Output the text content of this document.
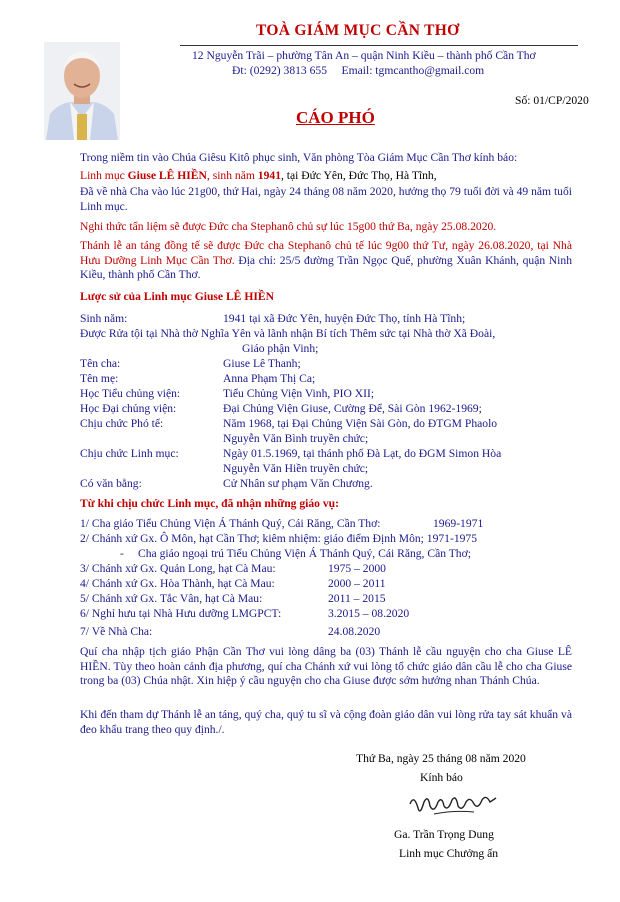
TOÀ GIÁM MỤC CẦN THƠ
12 Nguyễn Trãi – phường Tân An – quận Ninh Kiều – thành phố Cần Thơ
Đt: (0292) 3813 655 Email: tgmcantho@gmail.com
Số: 01/CP/2020
CÁO PHÓ
Trong niềm tin vào Chúa Giêsu Kitô phục sinh, Văn phòng Tòa Giám Mục Cần Thơ kính báo:
Linh mục Giuse LÊ HIỀN, sinh năm 1941, tại Đức Yên, Đức Thọ, Hà Tĩnh,
Đã về nhà Cha vào lúc 21g00, thứ Hai, ngày 24 tháng 08 năm 2020, hưởng thọ 79 tuổi đời và 49 năm tuổi Linh mục.
Nghi thức tẩn liệm sẽ được Đức cha Stephanô chủ sự lúc 15g00 thứ Ba, ngày 25.08.2020.
Thánh lễ an táng đồng tế sẽ được Đức cha Stephanô chủ tế lúc 9g00 thứ Tư, ngày 26.08.2020, tại Nhà Hưu Dưỡng Linh Mục Cần Thơ. Địa chỉ: 25/5 đường Trần Ngọc Quế, phường Xuân Khánh, quận Ninh Kiều, thành phố Cần Thơ.
Lược sử của Linh mục Giuse LÊ HIỀN
Sinh năm:	1941 tại xã Đức Yên, huyện Đức Thọ, tỉnh Hà Tĩnh;
Được Rửa tội tại Nhà thờ Nghĩa Yên và lãnh nhận Bí tích Thêm sức tại Nhà thờ Xã Đoài,
Giáo phận Vinh;
Tên cha:	Giuse Lê Thanh;
Tên mẹ:	Anna Phạm Thị Ca;
Học Tiểu chủng viện:	Tiểu Chủng Viện Vinh, PIO XII;
Học Đại chủng viện:	Đại Chủng Viện Giuse, Cường Để, Sài Gòn 1962-1969;
Chịu chức Phó tế:	Năm 1968, tại Đại Chủng Viện Sài Gòn, do ĐTGM Phaolo
Nguyễn Văn Bình truyền chức;
Chịu chức Linh mục:	Ngày 01.5.1969, tại thánh phố Đà Lạt, do ĐGM Simon Hòa
Nguyễn Văn Hiền truyền chức;
Có văn bằng:	Cử Nhân sư phạm Văn Chương.
Từ khi chịu chức Linh mục, đã nhận những giáo vụ:
1/ Cha giáo Tiểu Chủng Viện Á Thánh Quý, Cái Răng, Cần Thơ:	1969-1971
2/ Chánh xứ Gx. Ô Môn, hạt Cần Thơ; kiêm nhiệm: giáo điểm Định Môn; 1971-1975
- Cha giáo ngoại trú Tiểu Chủng Viện Á Thánh Quý, Cái Răng, Cần Thơ;
3/ Chánh xứ Gx. Quản Long, hạt Cà Mau:	1975 – 2000
4/ Chánh xứ Gx. Hòa Thành, hạt Cà Mau:	2000 – 2011
5/ Chánh xứ Gx. Tắc Vân, hạt Cà Mau:	2011 – 2015
6/ Nghỉ hưu tại Nhà Hưu dưỡng LMGPCT:	3.2015 – 08.2020
7/ Về Nhà Cha:	24.08.2020
Quí cha nhập tịch giáo Phận Cần Thơ vui lòng dâng ba (03) Thánh lễ cầu nguyện cho cha Giuse LÊ HIỀN. Tùy theo hoàn cảnh địa phương, quí cha Chánh xứ vui lòng tổ chức giáo dân cầu lễ cho cha Giuse trong ba (03) Chúa nhật. Xin hiệp ý cầu nguyện cho cha Giuse được sớm hưởng nhan Thánh Chúa.
Khi đến tham dự Thánh lễ an táng, quý cha, quý tu sĩ và cộng đoàn giáo dân vui lòng rửa tay sát khuẩn và đeo khẩu trang theo quy định./.
Thứ Ba, ngày 25 tháng 08 năm 2020
Kính báo
Ga. Trần Trọng Dung
Linh mục Chưởng ấn
